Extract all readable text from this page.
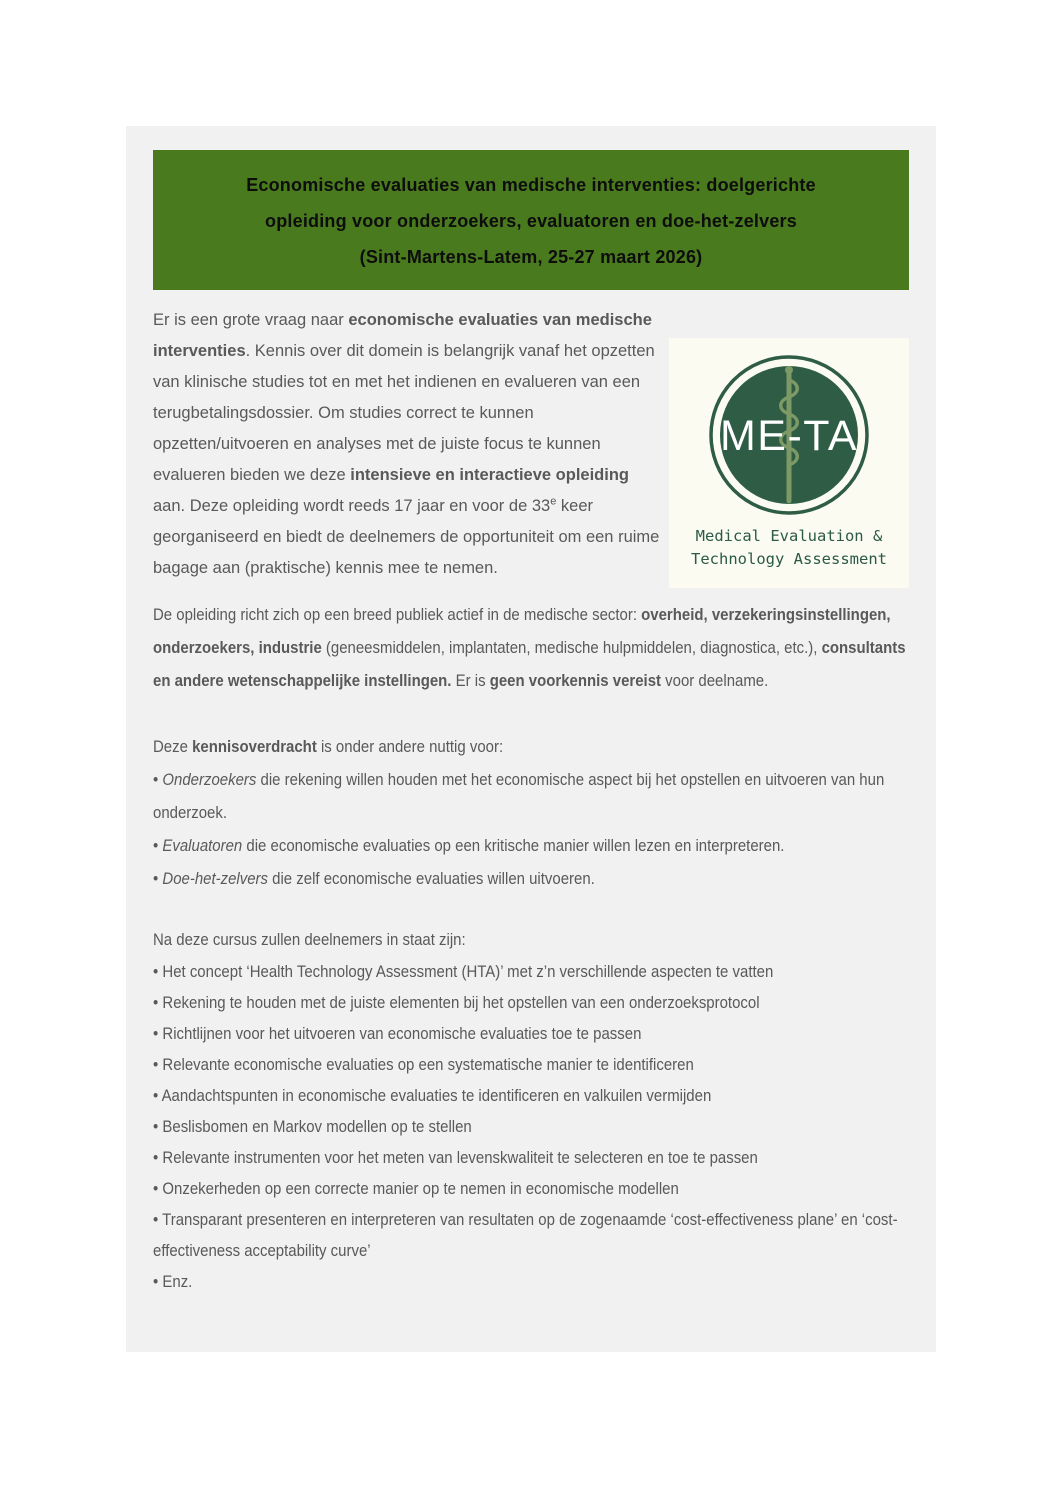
Economische evaluaties van medische interventies: doelgerichte
opleiding voor onderzoekers, evaluatoren en doe-het-zelvers
(Sint-Martens-Latem, 25-27 maart 2026)

Er is een grote vraag naar economische evaluaties van medische interventies. Kennis over dit domein is belangrijk vanaf het opzetten van klinische studies tot en met het indienen en evalueren van een terugbetalingsdossier. Om studies correct te kunnen opzetten/uitvoeren en analyses met de juiste focus te kunnen evalueren bieden we deze intensieve en interactieve opleiding aan. Deze opleiding wordt reeds 17 jaar en voor de 33e keer georganiseerd en biedt de deelnemers de opportuniteit om een ruime bagage aan (praktische) kennis mee te nemen.

ME-TA
Medical Evaluation &
Technology Assessment

De opleiding richt zich op een breed publiek actief in de medische sector: overheid, verzekeringsinstellingen, onderzoekers, industrie (geneesmiddelen, implantaten, medische hulpmiddelen, diagnostica, etc.), consultants en andere wetenschappelijke instellingen. Er is geen voorkennis vereist voor deelname.

Deze kennisoverdracht is onder andere nuttig voor:

• Onderzoekers die rekening willen houden met het economische aspect bij het opstellen en uitvoeren van hun onderzoek.
• Evaluatoren die economische evaluaties op een kritische manier willen lezen en interpreteren.
• Doe-het-zelvers die zelf economische evaluaties willen uitvoeren.

Na deze cursus zullen deelnemers in staat zijn:

• Het concept ‘Health Technology Assessment (HTA)’ met z’n verschillende aspecten te vatten
• Rekening te houden met de juiste elementen bij het opstellen van een onderzoeksprotocol
• Richtlijnen voor het uitvoeren van economische evaluaties toe te passen
• Relevante economische evaluaties op een systematische manier te identificeren
• Aandachtspunten in economische evaluaties te identificeren en valkuilen vermijden
• Beslisbomen en Markov modellen op te stellen
• Relevante instrumenten voor het meten van levenskwaliteit te selecteren en toe te passen
• Onzekerheden op een correcte manier op te nemen in economische modellen
• Transparant presenteren en interpreteren van resultaten op de zogenaamde ‘cost-effectiveness plane’ en ‘cost-effectiveness acceptability curve’
• Enz.
